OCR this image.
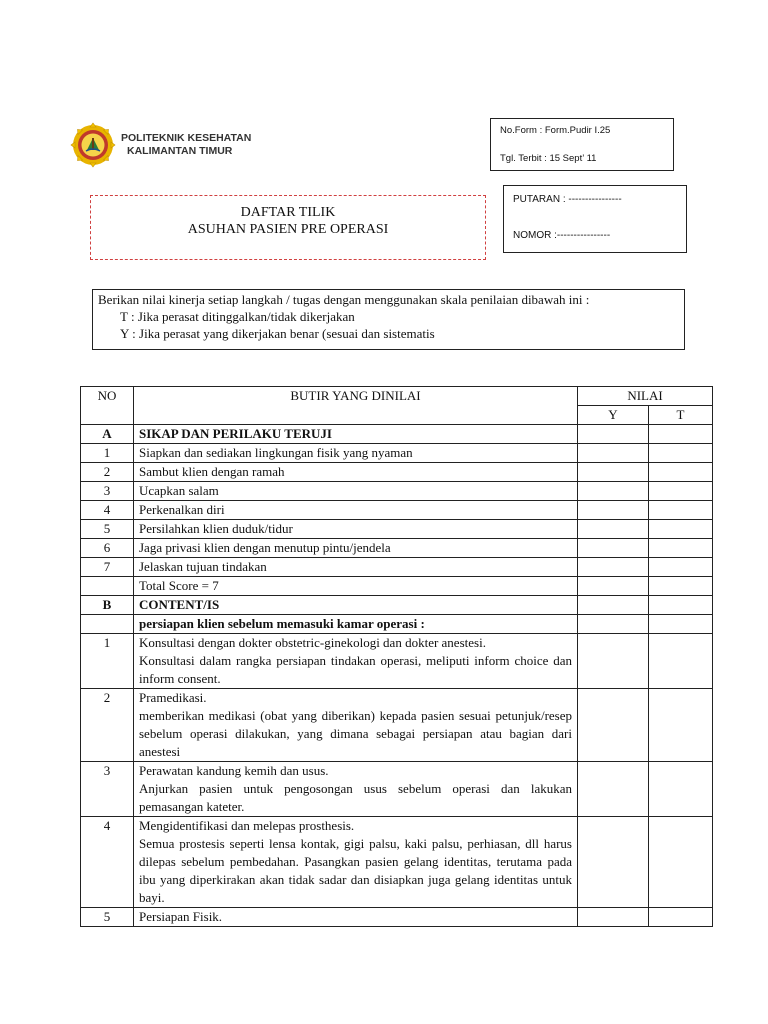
POLITEKNIK KESEHATAN
KALIMANTAN TIMUR
No.Form : Form.Pudir I.25
Tgl. Terbit : 15 Sept’ 11
DAFTAR TILIK
ASUHAN PASIEN PRE OPERASI
PUTARAN : ----------------
NOMOR :----------------
Berikan nilai kinerja setiap langkah / tugas dengan menggunakan skala penilaian dibawah ini :
T : Jika perasat ditinggalkan/tidak dikerjakan
Y : Jika perasat yang dikerjakan benar (sesuai dan sistematis
NO	BUTIR YANG DINILAI	NILAI	
		Y	T
A	SIKAP DAN PERILAKU TERUJI		
1	Siapkan dan sediakan lingkungan fisik yang nyaman		
2	Sambut klien dengan ramah		
3	Ucapkan salam		
4	Perkenalkan diri		
5	Persilahkan klien duduk/tidur		
6	Jaga privasi klien dengan menutup pintu/jendela		
7	Jelaskan tujuan tindakan		
	Total Score = 7		
B	CONTENT/IS		
	persiapan klien sebelum memasuki kamar operasi :		
1	Konsultasi dengan dokter obstetric-ginekologi dan dokter anestesi.
Konsultasi dalam rangka persiapan tindakan operasi, meliputi inform choice dan inform consent.		

2	Pramedikasi.
memberikan medikasi (obat yang diberikan) kepada pasien sesuai petunjuk/resep sebelum operasi dilakukan, yang dimana sebagai persiapan atau bagian dari anestesi		

3	Perawatan kandung kemih dan usus.
Anjurkan pasien untuk pengosongan usus sebelum operasi dan lakukan pemasangan kateter.		

4	Mengidentifikasi dan melepas prosthesis.
Semua prostesis seperti lensa kontak, gigi palsu, kaki palsu, perhiasan, dll harus dilepas sebelum pembedahan. Pasangkan pasien gelang identitas, terutama pada ibu yang diperkirakan akan tidak sadar dan disiapkan juga gelang identitas untuk bayi.		

5	Persiapan Fisik.		
